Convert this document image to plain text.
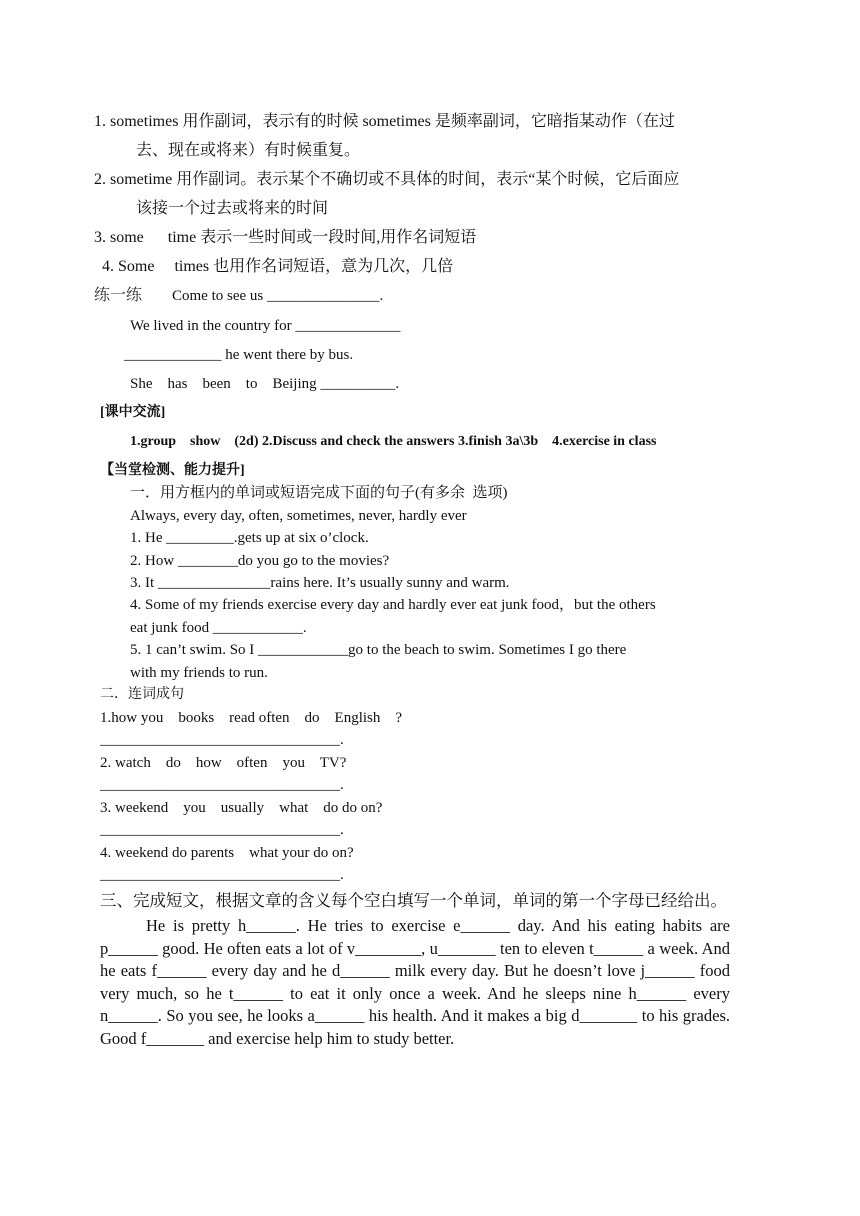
1. sometimes 用作副词，表示有的时候 sometimes 是频率副词，它暗指某动作（在过
去、现在或将来）有时候重复。
2. sometime 用作副词。表示某个不确切或不具体的时间，表示“某个时候，它后面应
该接一个过去或将来的时间
3. some      time 表示一些时间或一段时间,用作名词短语
4. Some     times 也用作名词短语，意为几次，几倍
练一练 Come to see us _______________.
We lived in the country for ______________
_____________ he went there by bus.
She    has    been    to    Beijing __________.
[课中交流]
1.group    show    (2d) 2.Discuss and check the answers 3.finish 3a\3b    4.exercise in class
【当堂检测、能力提升]
一．用方框内的单词或短语完成下面的句子(有多余  选项)
Always, every day, often, sometimes, never, hardly ever
1. He _________.gets up at six o’clock.
2. How ________do you go to the movies?
3. It _______________rains here. It’s usually sunny and warm.
4. Some of my friends exercise every day and hardly ever eat junk food，but the others
eat junk food ____________.
5. 1 can’t swim. So I ____________go to the beach to swim. Sometimes I go there
with my friends to run.
二．连词成句
1.how you    books    read often    do    English    ?
________________________________.
2. watch    do    how    often    you    TV?
________________________________.
3. weekend    you    usually    what    do do on?
________________________________.
4. weekend do parents    what your do on?
________________________________.
三、完成短文，根据文章的含义每个空白填写一个单词，单词的第一个字母已经给出。
He is pretty h______. He tries to exercise e______ day. And his eating habits are p______ good. He often eats a lot of v________, u_______ ten to eleven t______ a week. And he eats f______ every day and he d______ milk every day. But he doesn’t love j______ food very much, so he t______ to eat it only once a week. And he sleeps nine h______ every n______. So you see, he looks a______ his health. And it makes a big d_______ to his grades. Good f_______ and exercise help him to study better.
